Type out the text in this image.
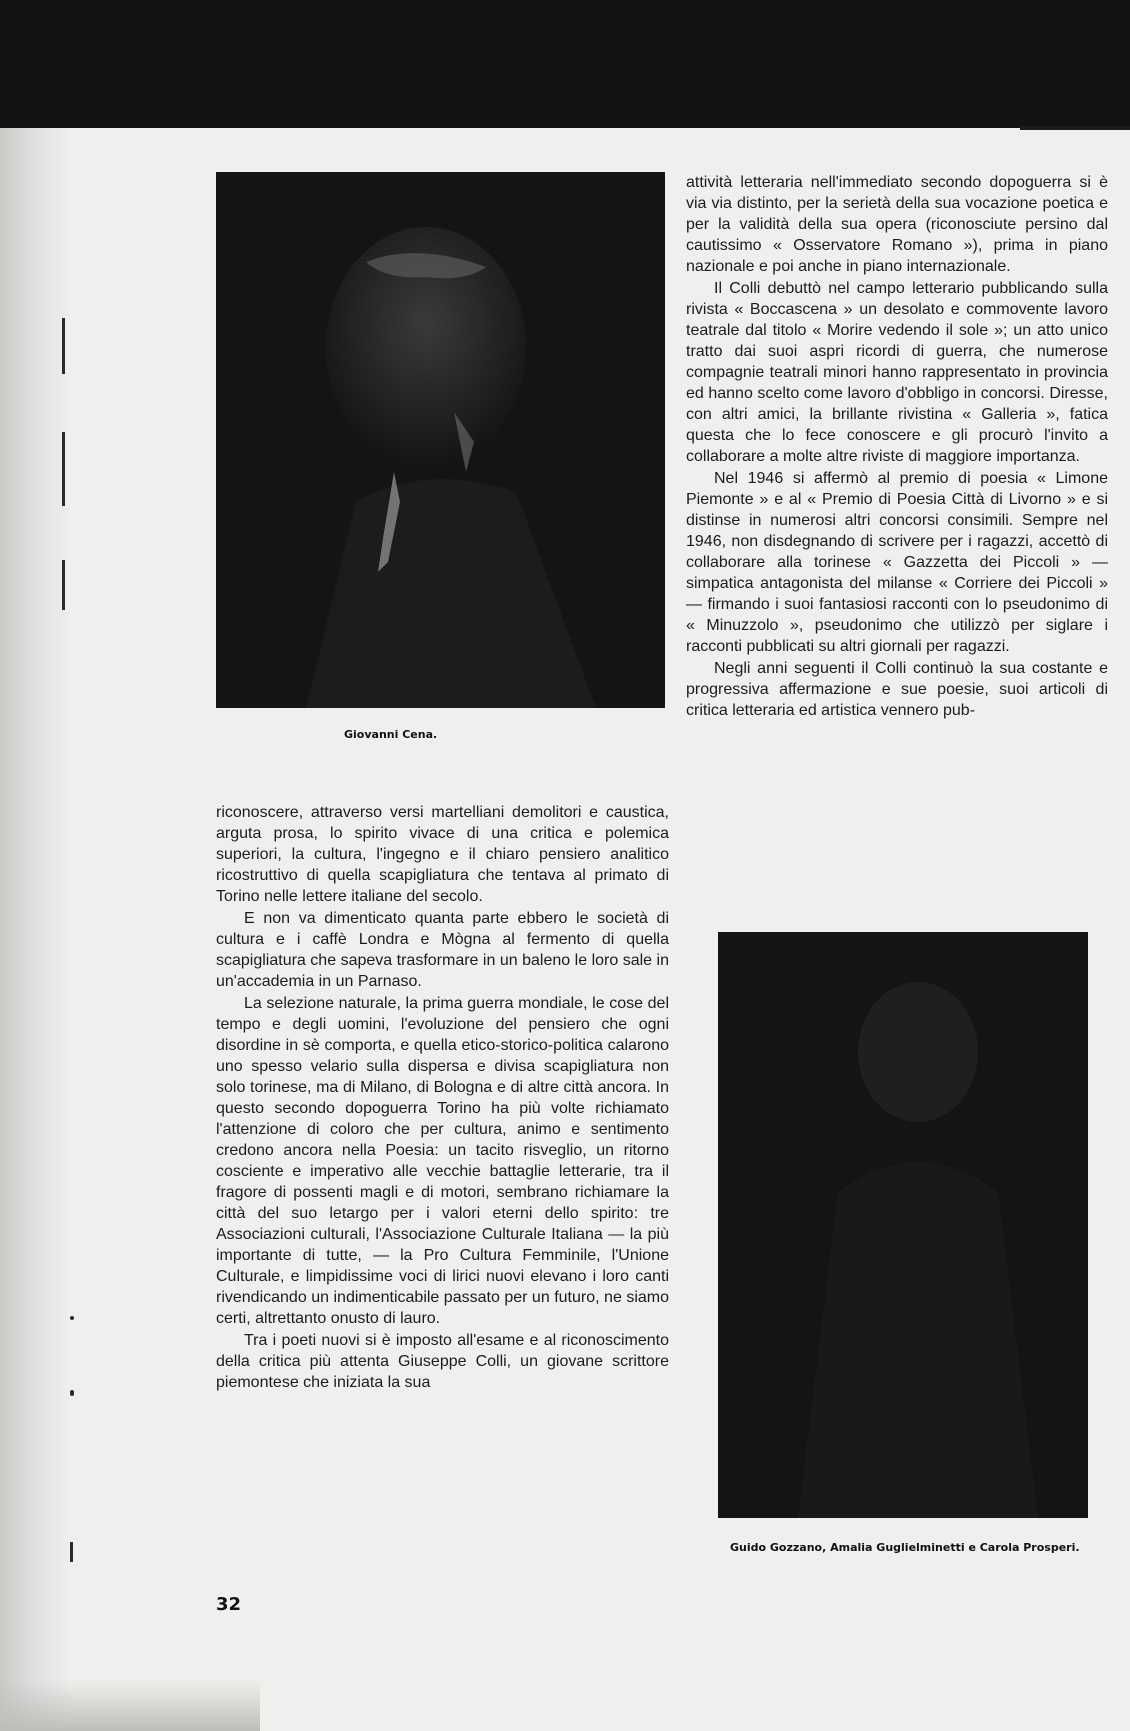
Giovanni Cena.
Guido Gozzano, Amalia Guglielminetti e Carola Prosperi.

riconoscere, attraverso versi martelliani demolitori e caustica, arguta prosa, lo spirito vivace di una critica e polemica superiori, la cultura, l'ingegno e il chiaro pensiero analitico ricostruttivo di quella scapigliatura che tentava al primato di Torino nelle lettere italiane del secolo.

E non va dimenticato quanta parte ebbero le società di cultura e i caffè Londra e Mògna al fermento di quella scapigliatura che sapeva trasformare in un baleno le loro sale in un'accademia in un Parnaso.

La selezione naturale, la prima guerra mondiale, le cose del tempo e degli uomini, l'evoluzione del pensiero che ogni disordine in sè comporta, e quella etico-storico-politica calarono uno spesso velario sulla dispersa e divisa scapigliatura non solo torinese, ma di Milano, di Bologna e di altre città ancora. In questo secondo dopoguerra Torino ha più volte richiamato l'attenzione di coloro che per cultura, animo e sentimento credono ancora nella Poesia: un tacito risveglio, un ritorno cosciente e imperativo alle vecchie battaglie letterarie, tra il fragore di possenti magli e di motori, sembrano richiamare la città del suo letargo per i valori eterni dello spirito: tre Associazioni culturali, l'Associazione Culturale Italiana — la più importante di tutte, — la Pro Cultura Femminile, l'Unione Culturale, e limpidissime voci di lirici nuovi elevano i loro canti rivendicando un indimenticabile passato per un futuro, ne siamo certi, altrettanto onusto di lauro.

Tra i poeti nuovi si è imposto all'esame e al riconoscimento della critica più attenta Giuseppe Colli, un giovane scrittore piemontese che iniziata la sua

attività letteraria nell'immediato secondo dopoguerra si è via via distinto, per la serietà della sua vocazione poetica e per la validità della sua opera (riconosciute persino dal cautissimo « Osservatore Romano »), prima in piano nazionale e poi anche in piano internazionale.

Il Colli debuttò nel campo letterario pubblicando sulla rivista « Boccascena » un desolato e commovente lavoro teatrale dal titolo « Morire vedendo il sole »; un atto unico tratto dai suoi aspri ricordi di guerra, che numerose compagnie teatrali minori hanno rappresentato in provincia ed hanno scelto come lavoro d'obbligo in concorsi. Diresse, con altri amici, la brillante rivistina « Galleria », fatica questa che lo fece conoscere e gli procurò l'invito a collaborare a molte altre riviste di maggiore importanza.

Nel 1946 si affermò al premio di poesia « Limone Piemonte » e al « Premio di Poesia Città di Livorno » e si distinse in numerosi altri concorsi consimili. Sempre nel 1946, non disdegnando di scrivere per i ragazzi, accettò di collaborare alla torinese « Gazzetta dei Piccoli » — simpatica antagonista del milanse « Corriere dei Piccoli » — firmando i suoi fantasiosi racconti con lo pseudonimo di « Minuzzolo », pseudonimo che utilizzò per siglare i racconti pubblicati su altri giornali per ragazzi.

Negli anni seguenti il Colli continuò la sua costante e progressiva affermazione e sue poesie, suoi articoli di critica letteraria ed artistica vennero pub-

32
